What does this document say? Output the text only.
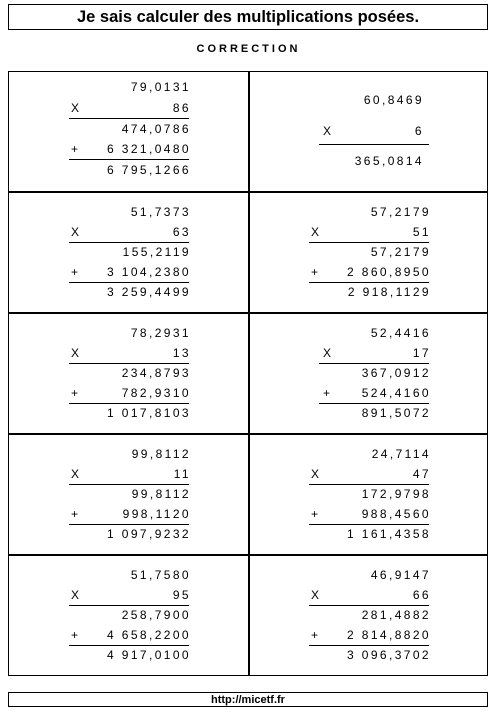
Je sais calculer des multiplications posées.
CORRECTION
79,0131
X	86
474,0786
+	6 321,0480
6 795,1266
60,8469
X	6
365,0814
51,7373
X	63
155,2119
+	3 104,2380
3 259,4499
57,2179
X	51
57,2179
+	2 860,8950
2 918,1129
78,2931
X	13
234,8793
+	782,9310
1 017,8103
52,4416
X	17
367,0912
+	524,4160
891,5072
99,8112
X	11
99,8112
+	998,1120
1 097,9232
24,7114
X	47
172,9798
+	988,4560
1 161,4358
51,7580
X	95
258,7900
+	4 658,2200
4 917,0100
46,9147
X	66
281,4882
+	2 814,8820
3 096,3702
http://micetf.fr
